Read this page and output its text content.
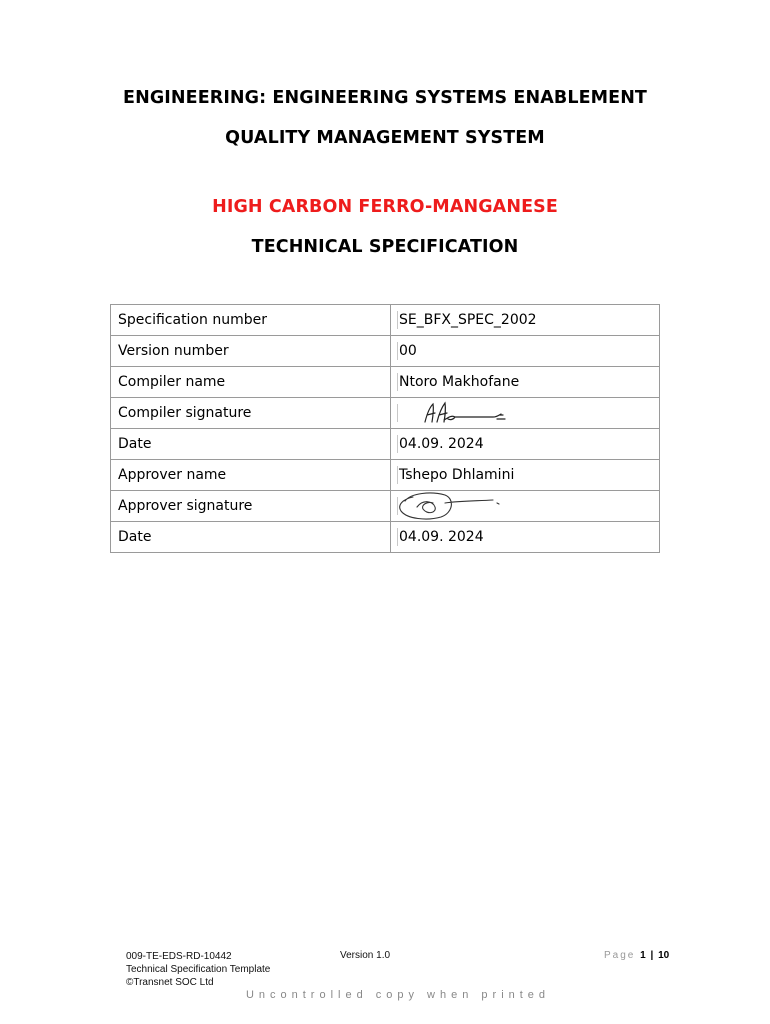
ENGINEERING: ENGINEERING SYSTEMS ENABLEMENT
QUALITY MANAGEMENT SYSTEM
HIGH CARBON FERRO-MANGANESE
TECHNICAL SPECIFICATION
Specification number	SE_BFX_SPEC_2002
Version number	00
Compiler name	Ntoro Makhofane
Compiler signature	

Date	04.09. 2024
Approver name	Tshepo Dhlamini
Approver signature	

Date	04.09. 2024
009-TE-EDS-RD-10442
Technical Specification Template
©Transnet SOC Ltd
Version 1.0	Page 1 | 10
Uncontrolled copy when printed
